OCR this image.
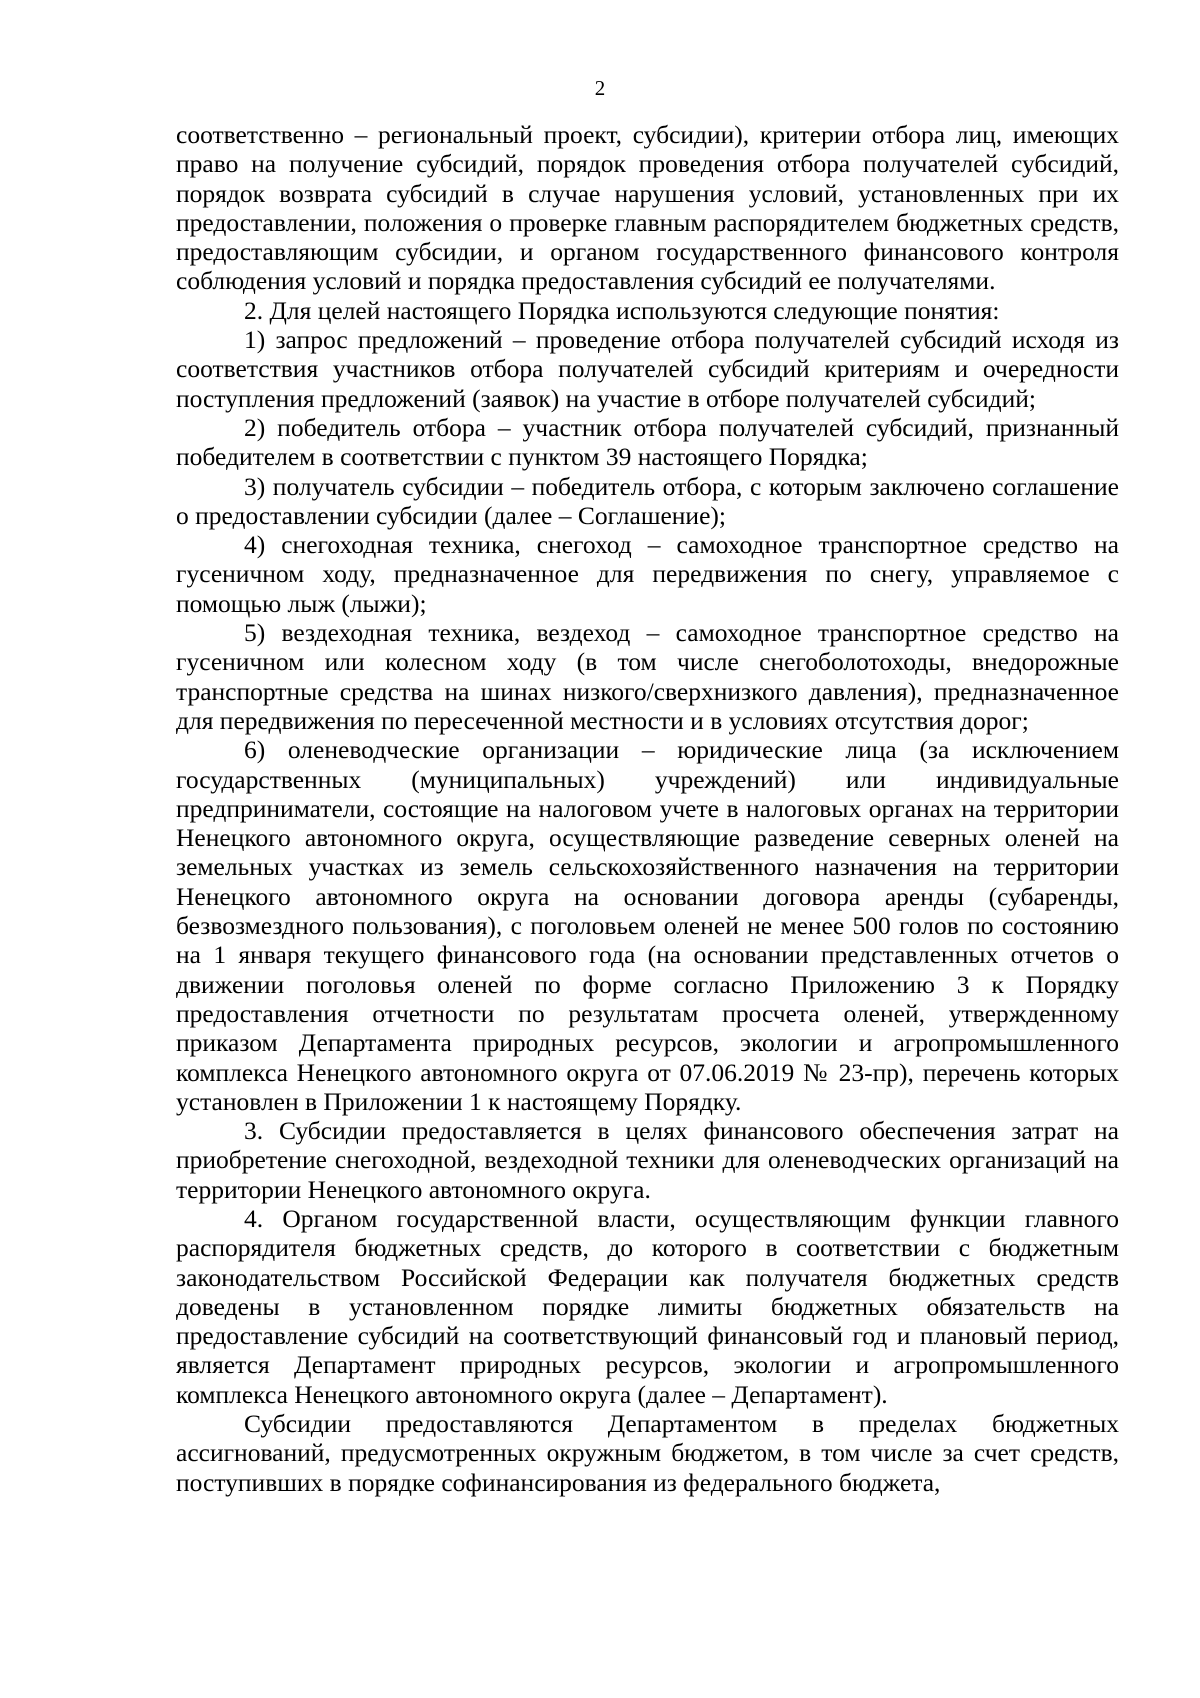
2

соответственно – региональный проект, субсидии), критерии отбора лиц, имеющих право на получение субсидий, порядок проведения отбора получателей субсидий, порядок возврата субсидий в случае нарушения условий, установленных при их предоставлении, положения о проверке главным распорядителем бюджетных средств, предоставляющим субсидии, и органом государственного финансового контроля соблюдения условий и порядка предоставления субсидий ее получателями.

2. Для целей настоящего Порядка используются следующие понятия:

1) запрос предложений – проведение отбора получателей субсидий исходя из соответствия участников отбора получателей субсидий критериям и очередности поступления предложений (заявок) на участие в отборе получателей субсидий;

2) победитель отбора – участник отбора получателей субсидий, признанный победителем в соответствии с пунктом 39 настоящего Порядка;

3) получатель субсидии – победитель отбора, с которым заключено соглашение о предоставлении субсидии (далее – Соглашение);

4) снегоходная техника, снегоход – самоходное транспортное средство на гусеничном ходу, предназначенное для передвижения по снегу, управляемое с помощью лыж (лыжи);

5) вездеходная техника, вездеход – самоходное транспортное средство на гусеничном или колесном ходу (в том числе снегоболотоходы, внедорожные транспортные средства на шинах низкого/сверхнизкого давления), предназначенное для передвижения по пересеченной местности и в условиях отсутствия дорог;

6) оленеводческие организации – юридические лица (за исключением государственных (муниципальных) учреждений) или индивидуальные предприниматели, состоящие на налоговом учете в налоговых органах на территории Ненецкого автономного округа, осуществляющие разведение северных оленей на земельных участках из земель сельскохозяйственного назначения на территории Ненецкого автономного округа на основании договора аренды (субаренды, безвозмездного пользования), с поголовьем оленей не менее 500 голов по состоянию на 1 января текущего финансового года (на основании представленных отчетов о движении поголовья оленей по форме согласно Приложению 3 к Порядку предоставления отчетности по результатам просчета оленей, утвержденному приказом Департамента природных ресурсов, экологии и агропромышленного комплекса Ненецкого автономного округа от 07.06.2019 № 23-пр), перечень которых установлен в Приложении 1 к настоящему Порядку.

3. Субсидии предоставляется в целях финансового обеспечения затрат на приобретение снегоходной, вездеходной техники для оленеводческих организаций на территории Ненецкого автономного округа.

4. Органом государственной власти, осуществляющим функции главного распорядителя бюджетных средств, до которого в соответствии с бюджетным законодательством Российской Федерации как получателя бюджетных средств доведены в установленном порядке лимиты бюджетных обязательств на предоставление субсидий на соответствующий финансовый год и плановый период, является Департамент природных ресурсов, экологии и агропромышленного комплекса Ненецкого автономного округа (далее – Департамент).

Субсидии предоставляются Департаментом в пределах бюджетных ассигнований, предусмотренных окружным бюджетом, в том числе за счет средств, поступивших в порядке софинансирования из федерального бюджета,
